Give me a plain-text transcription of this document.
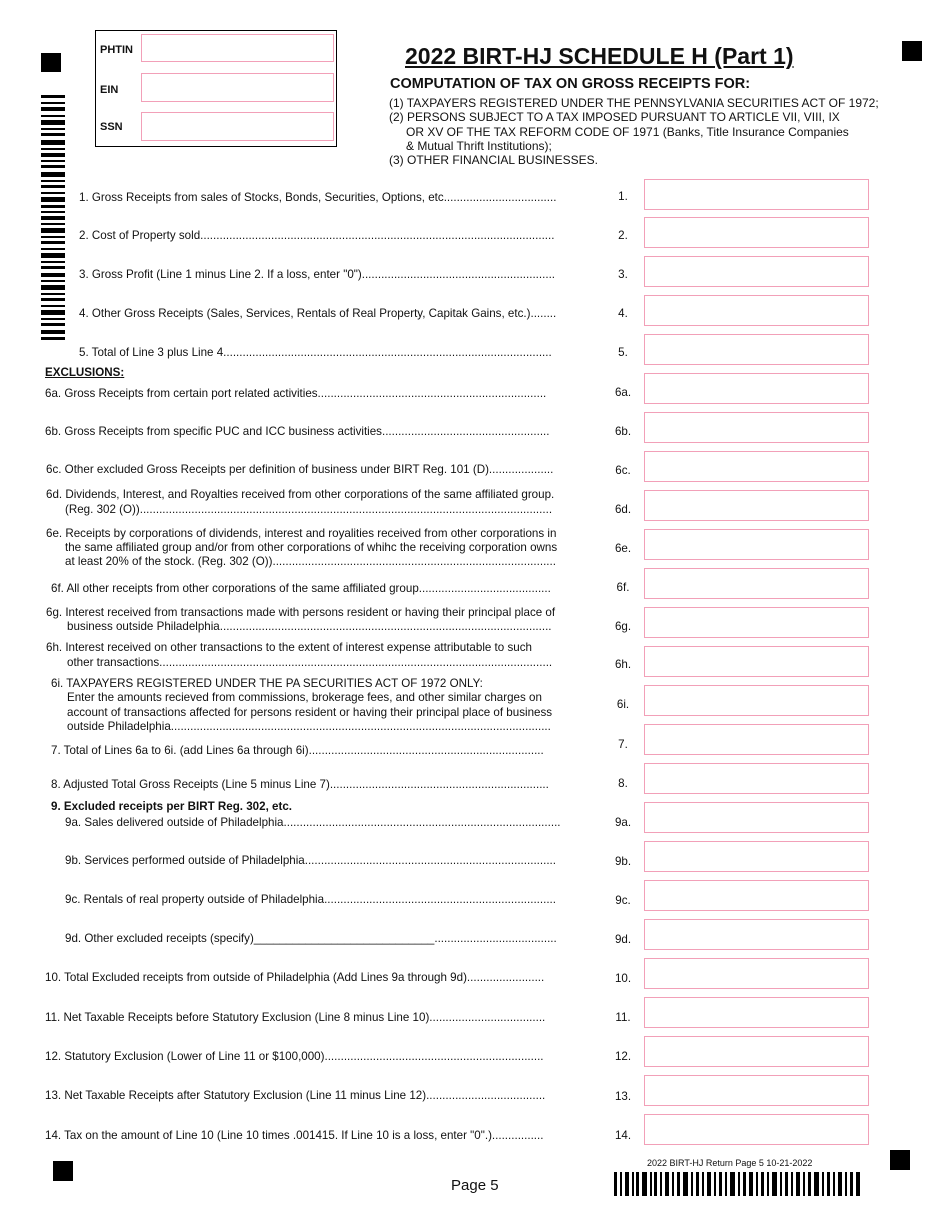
PHTIN
EIN
SSN
2022 BIRT-HJ SCHEDULE H (Part 1)
COMPUTATION OF TAX ON GROSS RECEIPTS FOR:
(1) TAXPAYERS REGISTERED UNDER THE PENNSYLVANIA SECURITIES ACT OF 1972;
(2) PERSONS SUBJECT TO A TAX IMPOSED PURSUANT TO ARTICLE VII, VIII, IX
OR XV OF THE TAX REFORM CODE OF 1971 (Banks, Title Insurance Companies
& Mutual Thrift Institutions);
(3) OTHER FINANCIAL BUSINESSES.
EXCLUSIONS:
9. Excluded receipts per BIRT Reg. 302, etc.
1. Gross Receipts from sales of Stocks, Bonds, Securities, Options, etc...................................	1.
2. Cost of Property sold..............................................................................................................	2.
3. Gross Profit (Line 1 minus Line 2. If a loss, enter "0")............................................................	3.
4. Other Gross Receipts (Sales, Services, Rentals of Real Property, Capitak Gains, etc.)........	4.
5. Total of Line 3 plus Line 4......................................................................................................	5.
6a. Gross Receipts from certain port related activities.......................................................................	6a.
6b. Gross Receipts from specific PUC and ICC business activities....................................................	6b.
6c. Other excluded Gross Receipts per definition of business under BIRT Reg. 101 (D)....................	6c.
6d. Dividends, Interest, and Royalties received from other corporations of the same affiliated group.
(Reg. 302 (O))................................................................................................................................	6d.
6e. Receipts by corporations of dividends, interest and royalities received from other corporations in
the same affiliated group and/or from other corporations of whihc the receiving corporation owns
at least 20% of the stock. (Reg. 302 (O))........................................................................................
6e.
6f. All other receipts from other corporations of the same affiliated group.........................................	6f.
6g. Interest received from transactions made with persons resident or having their principal place of
business outside Philadelphia.......................................................................................................	6g.
6h. Interest received on other transactions to the extent of interest expense attributable to such
other transactions..........................................................................................................................	6h.
6i. TAXPAYERS REGISTERED UNDER THE PA SECURITIES ACT OF 1972 ONLY:
Enter the amounts recieved from commissions, brokerage fees, and other similar charges on
account of transactions affected for persons resident or having their principal place of business
outside Philadelphia......................................................................................................................
6i.
7. Total of Lines 6a to 6i. (add Lines 6a through 6i).........................................................................	7.
8. Adjusted Total Gross Receipts (Line 5 minus Line 7)....................................................................	8.
9a. Sales delivered outside of Philadelphia......................................................................................	9a.
9b. Services performed outside of Philadelphia..............................................................................	9b.
9c. Rentals of real property outside of Philadelphia........................................................................	9c.
9d. Other excluded receipts (specify)____________________________......................................	9d.
10. Total Excluded receipts from outside of Philadelphia (Add Lines 9a through 9d)........................	10.
11. Net Taxable Receipts before Statutory Exclusion (Line 8 minus Line 10)....................................	11.
12. Statutory Exclusion (Lower of Line 11 or $100,000)....................................................................	12.
13. Net Taxable Receipts after Statutory Exclusion (Line 11 minus Line 12).....................................	13.
14. Tax on the amount of Line 10 (Line 10 times .001415. If Line 10 is a loss, enter "0".)................	14.
2022 BIRT-HJ Return Page 5 10-21-2022
Page 5
